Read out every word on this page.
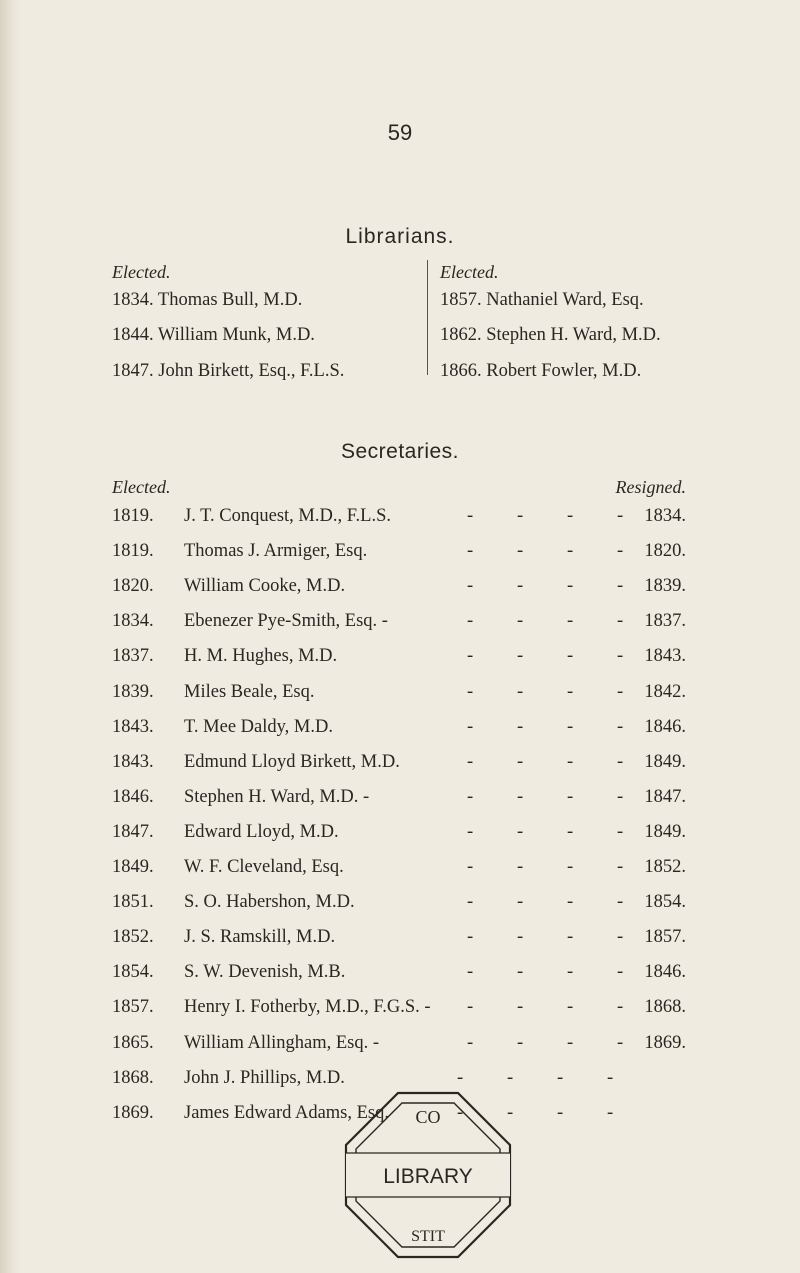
59
Librarians.
Elected.	Elected.
1834. Thomas Bull, M.D.
1844. William Munk, M.D.
1847. John Birkett, Esq., F.L.S.
1857. Nathaniel Ward, Esq.
1862. Stephen H. Ward, M.D.
1866. Robert Fowler, M.D.
Secretaries.
Elected.	Resigned.
1819. J. T. Conquest, M.D., F.L.S.	- - - - 1834.
1819. Thomas J. Armiger, Esq.	- - - - 1820.
1820. William Cooke, M.D.	- - - - 1839.
1834. Ebenezer Pye-Smith, Esq. -	- - - - 1837.
1837. H. M. Hughes, M.D.	- - - - 1843.
1839. Miles Beale, Esq.	- - - - 1842.
1843. T. Mee Daldy, M.D.	- - - - 1846.
1843. Edmund Lloyd Birkett, M.D.	- - - - 1849.
1846. Stephen H. Ward, M.D. -	- - - - 1847.
1847. Edward Lloyd, M.D.	- - - - 1849.
1849. W. F. Cleveland, Esq.	- - - - 1852.
1851. S. O. Habershon, M.D.	- - - - 1854.
1852. J. S. Ramskill, M.D.	- - - - 1857.
1854. S. W. Devenish, M.B.	- - - - 1846.
1857. Henry I. Fotherby, M.D., F.G.S. - - - - - 1868.
1865. William Allingham, Esq. -	- - - - 1869.
1868. John J. Phillips, M.D.	- - - -
1869. James Edward Adams, Esq.	- - - -
CO
STIT
LIBRARY
